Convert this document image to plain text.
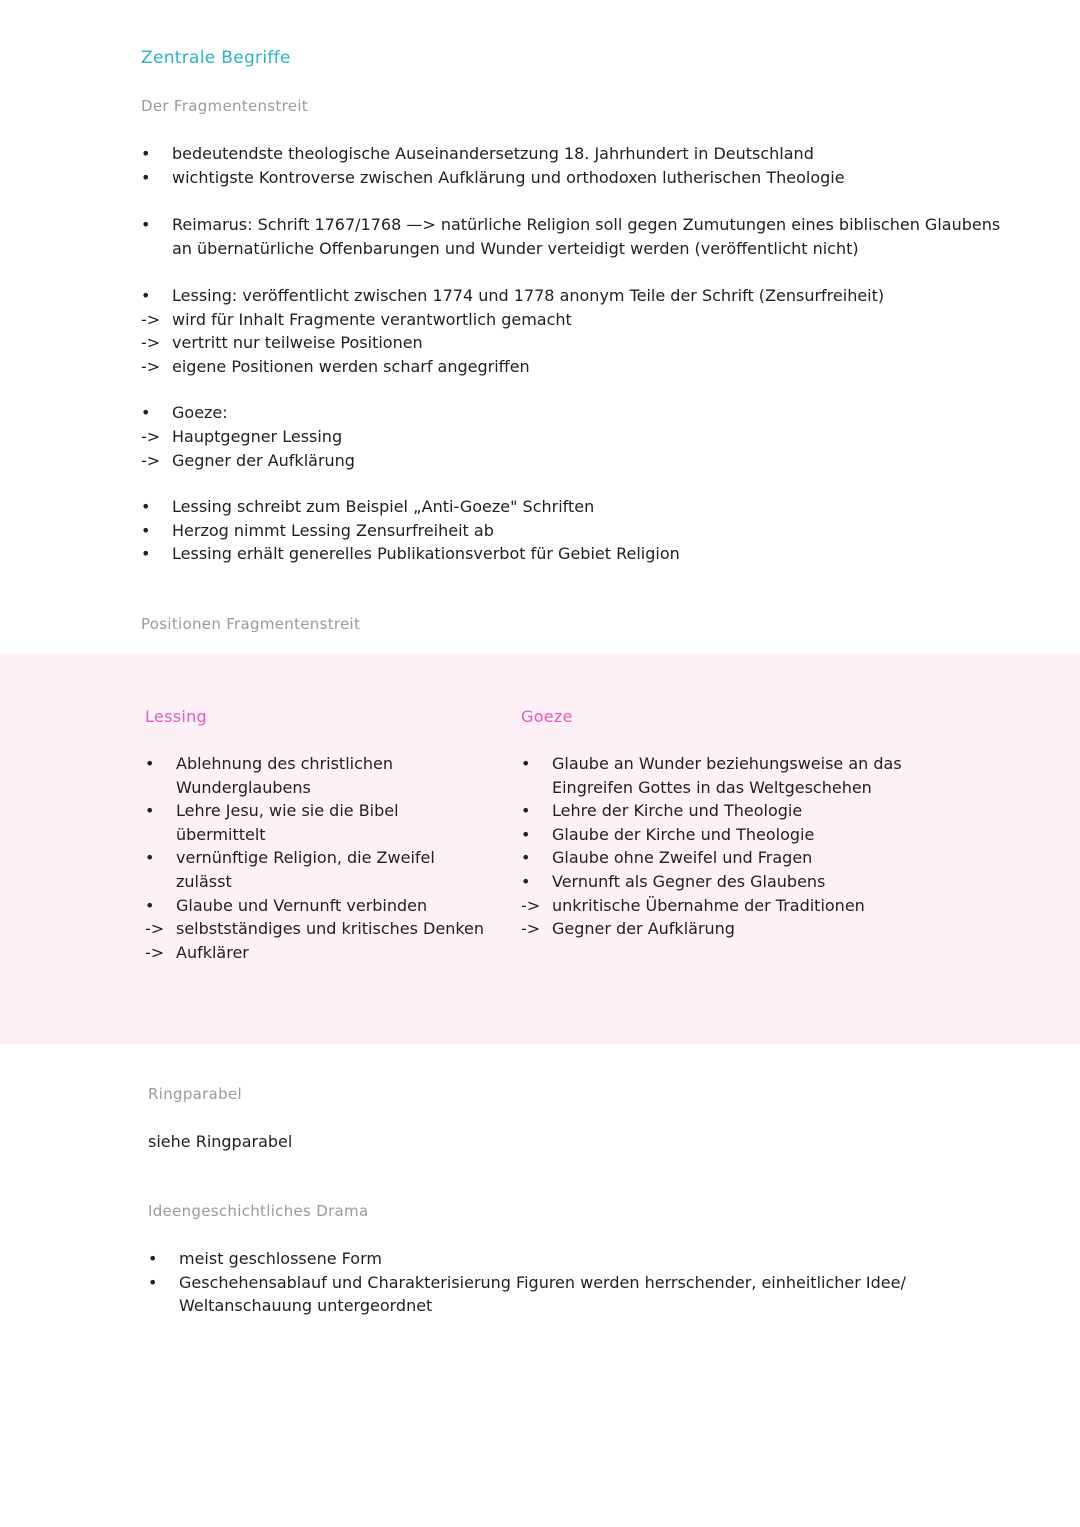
Zentrale Begriffe
Der Fragmentenstreit
•	bedeutendste theologische Auseinandersetzung 18. Jahrhundert in Deutschland
•	wichtigste Kontroverse zwischen Aufklärung und orthodoxen lutherischen Theologie
•	Reimarus: Schrift 1767/1768 —> natürliche Religion soll gegen Zumutungen eines biblischen Glaubens
an übernatürliche Offenbarungen und Wunder verteidigt werden (veröffentlicht nicht)
•	Lessing: veröffentlicht zwischen 1774 und 1778 anonym Teile der Schrift (Zensurfreiheit)
-> wird für Inhalt Fragmente verantwortlich gemacht
-> vertritt nur teilweise Positionen
-> eigene Positionen werden scharf angegriffen
•	Goeze:
-> Hauptgegner Lessing
-> Gegner der Aufklärung
•	Lessing schreibt zum Beispiel „Anti-Goeze" Schriften
•	Herzog nimmt Lessing Zensurfreiheit ab
•	Lessing erhält generelles Publikationsverbot für Gebiet Religion
Positionen Fragmentenstreit
Lessing	Goeze
Ringparabel
siehe Ringparabel
Ideengeschichtliches Drama
•	Ablehnung des christlichen
Wunderglaubens
•	Lehre Jesu, wie sie die Bibel
übermittelt
•	vernünftige Religion, die Zweifel
zulässt
•	Glaube und Vernunft verbinden
-> selbstständiges und kritisches Denken
-> Aufklärer
•	Glaube an Wunder beziehungsweise an das
Eingreifen Gottes in das Weltgeschehen
•	Lehre der Kirche und Theologie
•	Glaube der Kirche und Theologie
•	Glaube ohne Zweifel und Fragen
•	Vernunft als Gegner des Glaubens
-> unkritische Übernahme der Traditionen
-> Gegner der Aufklärung
•	meist geschlossene Form
•	Geschehensablauf und Charakterisierung Figuren werden herrschender, einheitlicher Idee/
Weltanschauung untergeordnet
